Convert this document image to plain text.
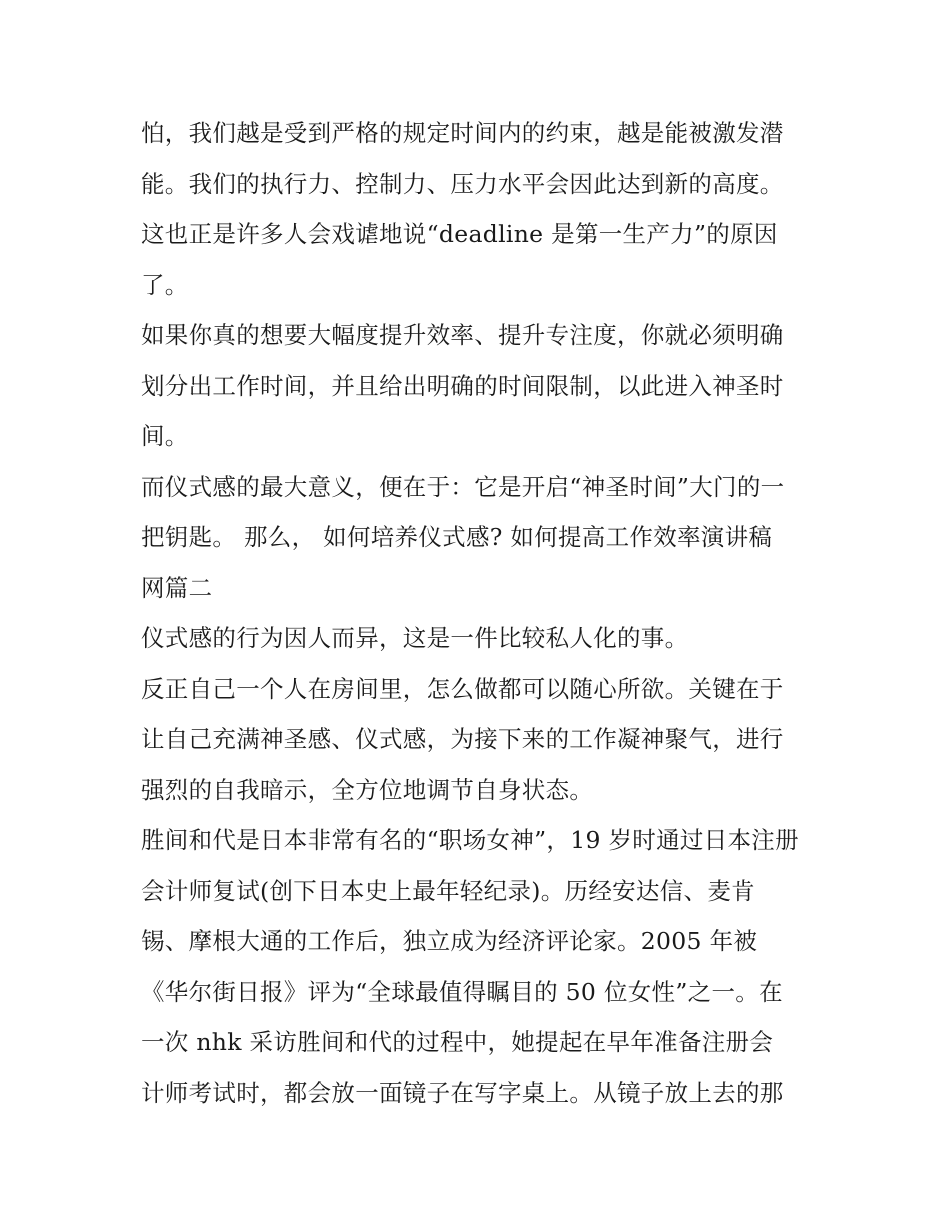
怕，我们越是受到严格的规定时间内的约束，越是能被激发潜
能。我们的执行力、控制力、压力水平会因此达到新的高度。
这也正是许多人会戏谑地说“deadline 是第一生产力”的原因
了。
如果你真的想要大幅度提升效率、提升专注度，你就必须明确
划分出工作时间，并且给出明确的时间限制，以此进入神圣时
间。
而仪式感的最大意义，便在于：它是开启“神圣时间”大门的一
把钥匙。 那么， 如何培养仪式感? 如何提高工作效率演讲稿
网篇二
仪式感的行为因人而异，这是一件比较私人化的事。
反正自己一个人在房间里，怎么做都可以随心所欲。关键在于
让自己充满神圣感、仪式感，为接下来的工作凝神聚气，进行
强烈的自我暗示，全方位地调节自身状态。
胜间和代是日本非常有名的“职场女神”，19 岁时通过日本注册
会计师复试(创下日本史上最年轻纪录)。历经安达信、麦肯
锡、摩根大通的工作后，独立成为经济评论家。2005 年被
《华尔街日报》评为“全球最值得瞩目的 50 位女性”之一。在
一次 nhk 采访胜间和代的过程中，她提起在早年准备注册会
计师考试时，都会放一面镜子在写字桌上。从镜子放上去的那
